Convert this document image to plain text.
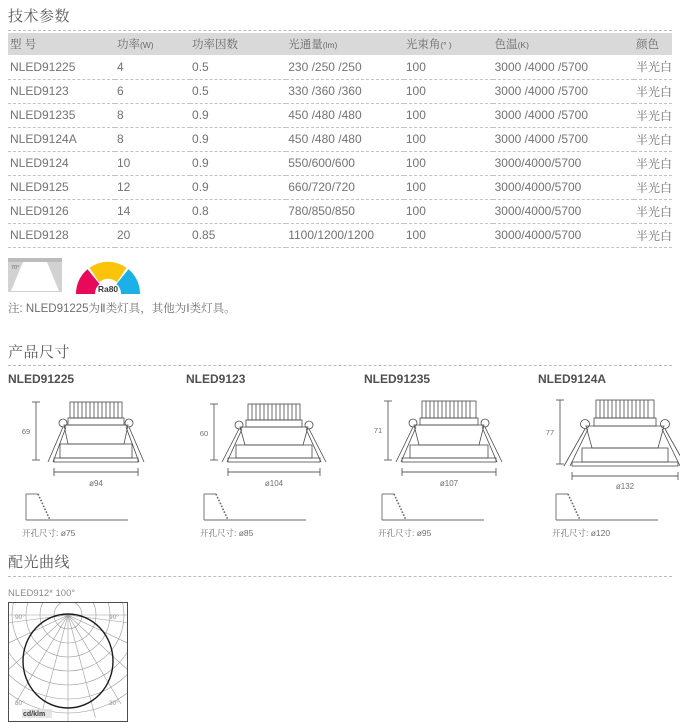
技术参数
型 号	功率(W)	功率因数	光通量(lm)	光束角(° )	色温(K)	颜色
NLED91225	4	0.5	230 /250 /250	100	3000 /4000 /5700	半光白
NLED9123	6	0.5	330 /360 /360	100	3000 /4000 /5700	半光白
NLED91235	8	0.9	450 /480 /480	100	3000 /4000 /5700	半光白
NLED9124A	8	0.9	450 /480 /480	100	3000 /4000 /5700	半光白
NLED9124	10	0.9	550/600/600	100	3000/4000/5700	半光白
NLED9125	12	0.9	660/720/720	100	3000/4000/5700	半光白
NLED9126	14	0.8	780/850/850	100	3000/4000/5700	半光白
NLED9128	20	0.85	1100/1200/1200	100	3000/4000/5700	半光白
70°
Ra80
注: NLED91225为Ⅱ类灯具，其他为Ⅰ类灯具。
产品尺寸
NLED91225
69
ø94
开孔尺寸: ø75
NLED9123
60
ø104
开孔尺寸: ø85
NLED91235
71
ø107
开孔尺寸: ø95
NLED9124A
77
ø132
开孔尺寸: ø120
配光曲线
NLED912* 100°
90°	90°
30°	30°
cd/klm
